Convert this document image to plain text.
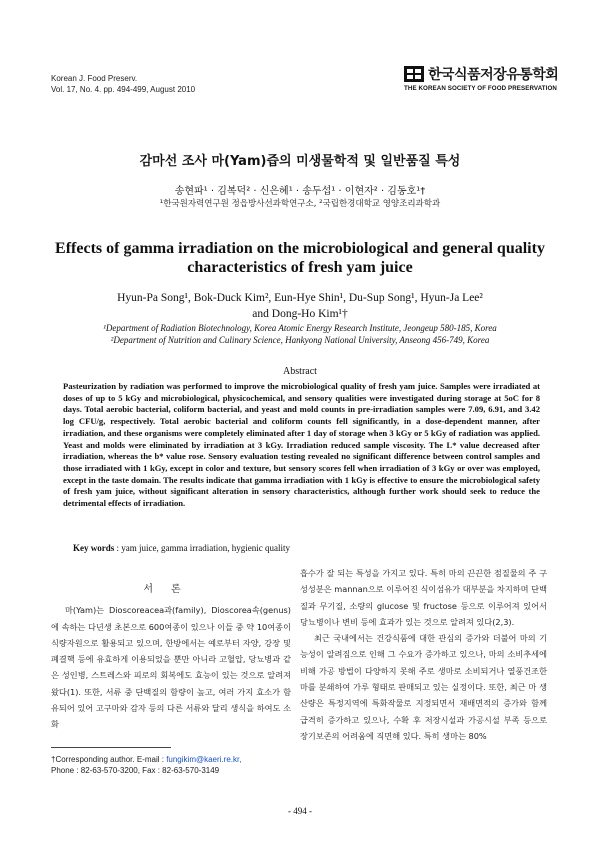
Korean J. Food Preserv.
Vol. 17, No. 4. pp. 494-499, August 2010
한국식품저장유통학회
THE KOREAN SOCIETY OF FOOD PRESERVATION
감마선 조사 마(Yam)즙의 미생물학적 및 일반품질 특성
송현파¹ · 김복덕² · 신은혜¹ · 송두섭¹ · 이현자² · 김동호¹†
¹한국원자력연구원 정읍방사선과학연구소, ²국립한경대학교 영양조리과학과
Effects of gamma irradiation on the microbiological and general quality characteristics of fresh yam juice
Hyun-Pa Song¹, Bok-Duck Kim², Eun-Hye Shin¹, Du-Sup Song¹, Hyun-Ja Lee²
and Dong-Ho Kim¹†
¹Department of Radiation Biotechnology, Korea Atomic Energy Research Institute, Jeongeup 580-185, Korea
²Department of Nutrition and Culinary Science, Hankyong National University, Anseong 456-749, Korea
Abstract
Pasteurization by radiation was performed to improve the microbiological quality of fresh yam juice. Samples were irradiated at doses of up to 5 kGy and microbiological, physicochemical, and sensory qualities were investigated during storage at 5oC for 8 days. Total aerobic bacterial, coliform bacterial, and yeast and mold counts in pre-irradiation samples were 7.09, 6.91, and 3.42 log CFU/g, respectively. Total aerobic bacterial and coliform counts fell significantly, in a dose-dependent manner, after irradiation, and these organisms were completely eliminated after 1 day of storage when 3 kGy or 5 kGy of radiation was applied. Yeast and molds were eliminated by irradiation at 3 kGy. Irradiation reduced sample viscosity. The L* value decreased after irradiation, whereas the b* value rose. Sensory evaluation testing revealed no significant difference between control samples and those irradiated with 1 kGy, except in color and texture, but sensory scores fell when irradiation of 3 kGy or over was employed, except in the taste domain. The results indicate that gamma irradiation with 1 kGy is effective to ensure the microbiological safety of fresh yam juice, without significant alteration in sensory characteristics, although further work should seek to reduce the detrimental effects of irradiation.
Key words : yam juice, gamma irradiation, hygienic quality
서론

마(Yam)는 Dioscoreacea과(family), Dioscorea속(genus)에 속하는 다년생 초본으로 600여종이 있으나 이들 중 약 10여종이 식량자원으로 활용되고 있으며, 한방에서는 예로부터 자양, 강장 및 폐결핵 등에 유효하게 이용되었을 뿐만 아니라 고혈압, 당뇨병과 같은 성인병, 스트레스와 피로의 회복에도 효능이 있는 것으로 알려져 왔다(1). 또한, 서류 중 단백질의 함량이 높고, 여러 가지 효소가 함유되어 있어 고구마와 감자 등의 다른 서류와 달리 생식을 하여도 소화

흡수가 잘 되는 특성을 가지고 있다. 특히 마의 끈끈한 점질물의 주 구성성분은 mannan으로 이루어진 식이섬유가 대부분을 차지하며 단백질과 무기질, 소량의 glucose 및 fructose 등으로 이루어져 있어서 당뇨병이나 변비 등에 효과가 있는 것으로 알려져 있다(2,3).

최근 국내에서는 건강식품에 대한 관심의 증가와 더불어 마의 기능성이 알려짐으로 인해 그 수요가 증가하고 있으나, 마의 소비추세에 비해 가공 방법이 다양하지 못해 주로 생마로 소비되거나 열풍건조한 마를 분쇄하여 가루 형태로 판매되고 있는 실정이다. 또한, 최근 마 생산량은 특정지역에 특화작물로 지정되면서 재배면적의 증가와 함께 급격히 증가하고 있으나, 수확 후 저장시설과 가공시설 부족 등으로 장기보존의 어려움에 직면해 있다. 특히 생마는 80%

†Corresponding author. E-mail : fungikim@kaeri.re.kr,
Phone : 82-63-570-3200, Fax : 82-63-570-3149
- 494 -
